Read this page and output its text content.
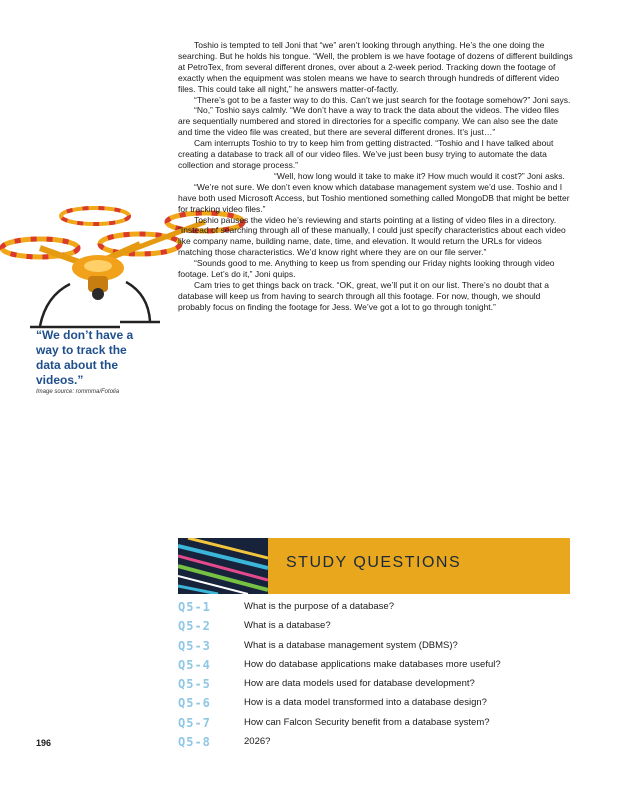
“We don’t have a way to track the data about the videos.”
Image source: rommma/Fotolia

Toshio is tempted to tell Joni that “we” aren’t looking through anything. He’s the one doing the searching. But he holds his tongue. “Well, the problem is we have footage of dozens of different buildings at PetroTex, from several different drones, over about a 2-week period. Tracking down the footage of exactly when the equipment was stolen means we have to search through hundreds of different video files. This could take all night,” he answers matter-of-factly.

“There’s got to be a faster way to do this. Can’t we just search for the footage somehow?” Joni says.

“No,” Toshio says calmly. “We don’t have a way to track the data about the videos. The video files are sequentially numbered and stored in directories for a specific company. We can also see the date and time the video file was created, but there are several different drones. It’s just…”

Cam interrupts Toshio to try to keep him from getting distracted. “Toshio and I have talked about creating a database to track all of our video files. We’ve just been busy trying to automate the data collection and storage process.”

“Well, how long would it take to make it? How much would it cost?” Joni asks.

“We’re not sure. We don’t even know which database management system we’d use. Toshio and I have both used Microsoft Access, but Toshio mentioned something called MongoDB that might be better for tracking video files.”

Toshio pauses the video he’s reviewing and starts pointing at a listing of video files in a directory. “Instead of searching through all of these manually, I could just specify characteristics about each video like company name, building name, date, time, and elevation. It would return the URLs for videos matching those characteristics. We’d know right where they are on our file server.”

“Sounds good to me. Anything to keep us from spending our Friday nights looking through video footage. Let’s do it,” Joni quips.

Cam tries to get things back on track. “OK, great, we’ll put it on our list. There’s no doubt that a database will keep us from having to search through all this footage. For now, though, we should probably focus on finding the footage for Jess. We’ve got a lot to go through tonight.”

STUDY QUESTIONS
Q5-1	What is the purpose of a database?
Q5-2	What is a database?
Q5-3	What is a database management system (DBMS)?
Q5-4	How do database applications make databases more useful?
Q5-5	How are data models used for database development?
Q5-6	How is a data model transformed into a database design?
Q5-7	How can Falcon Security benefit from a database system?
Q5-8	2026?
196
